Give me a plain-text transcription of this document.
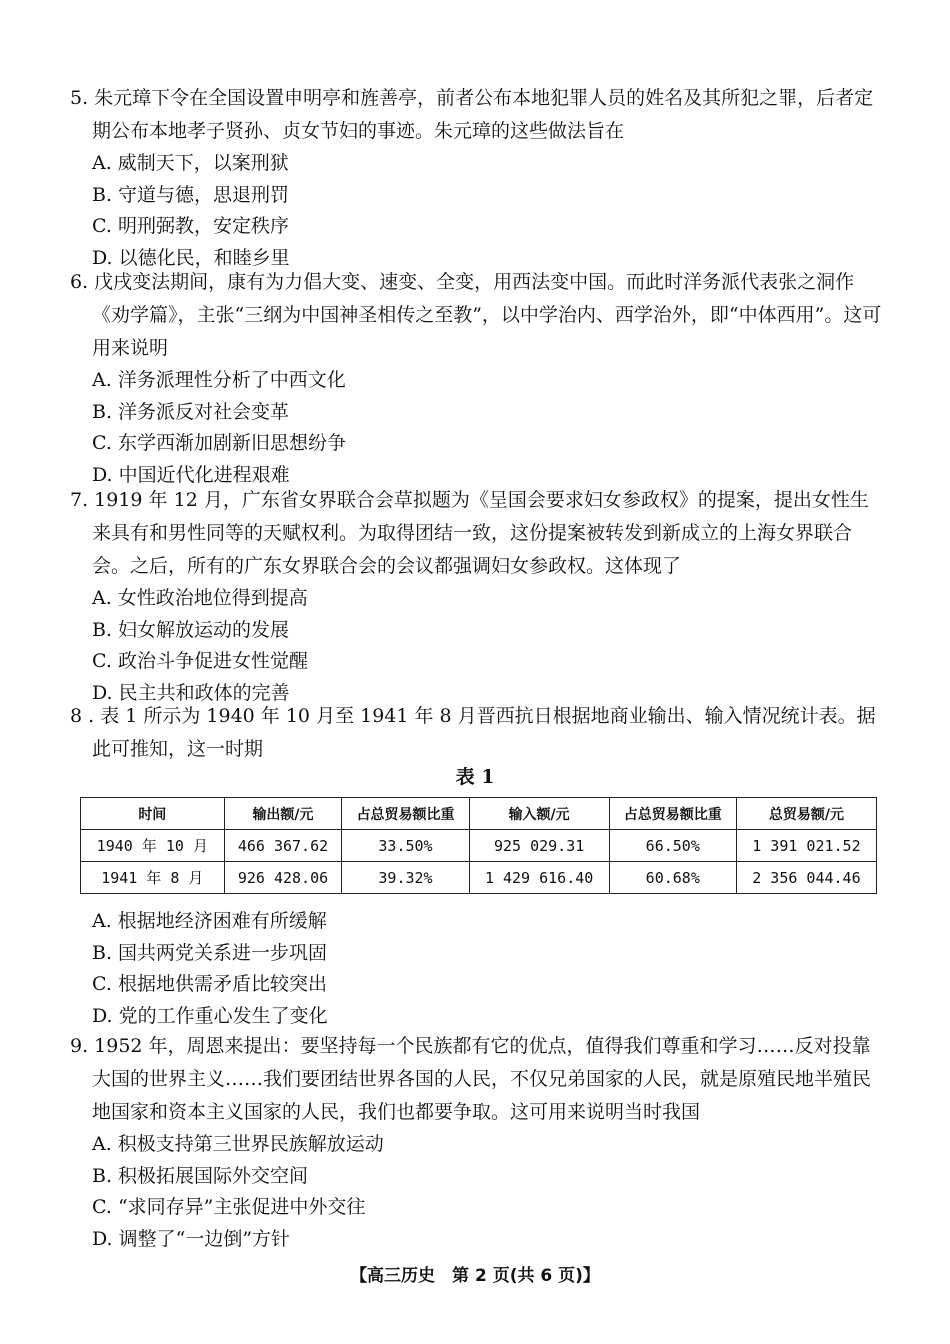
5. 朱元璋下令在全国设置申明亭和旌善亭，前者公布本地犯罪人员的姓名及其所犯之罪，后者定期公布本地孝子贤孙、贞女节妇的事迹。朱元璋的这些做法旨在

A. 威制天下，以案刑狱

B. 守道与德，思退刑罚

C. 明刑弼教，安定秩序

D. 以德化民，和睦乡里

6. 戊戌变法期间，康有为力倡大变、速变、全变，用西法变中国。而此时洋务派代表张之洞作《劝学篇》，主张“三纲为中国神圣相传之至教”，以中学治内、西学治外，即“中体西用”。这可用来说明

A. 洋务派理性分析了中西文化

B. 洋务派反对社会变革

C. 东学西渐加剧新旧思想纷争

D. 中国近代化进程艰难

7. 1919 年 12 月，广东省女界联合会草拟题为《呈国会要求妇女参政权》的提案，提出女性生来具有和男性同等的天赋权利。为取得团结一致，这份提案被转发到新成立的上海女界联合会。之后，所有的广东女界联合会的会议都强调妇女参政权。这体现了

A. 女性政治地位得到提高

B. 妇女解放运动的发展

C. 政治斗争促进女性觉醒

D. 民主共和政体的完善

8 . 表 1 所示为 1940 年 10 月至 1941 年 8 月晋西抗日根据地商业输出、输入情况统计表。据此可推知，这一时期

表 1
时间	输出额/元	占总贸易额比重	输入额/元	占总贸易额比重	总贸易额/元
1940 年 10 月	466 367.62	33.50%	925 029.31	66.50%	1 391 021.52
1941 年 8 月	926 428.06	39.32%	1 429 616.40	60.68%	2 356 044.46

A. 根据地经济困难有所缓解

B. 国共两党关系进一步巩固

C. 根据地供需矛盾比较突出

D. 党的工作重心发生了变化

9. 1952 年，周恩来提出：要坚持每一个民族都有它的优点，值得我们尊重和学习……反对投靠大国的世界主义……我们要团结世界各国的人民，不仅兄弟国家的人民，就是原殖民地半殖民地国家和资本主义国家的人民，我们也都要争取。这可用来说明当时我国

A. 积极支持第三世界民族解放运动

B. 积极拓展国际外交空间

C. “求同存异”主张促进中外交往

D. 调整了“一边倒”方针

【高三历史　第 2 页(共 6 页)】
